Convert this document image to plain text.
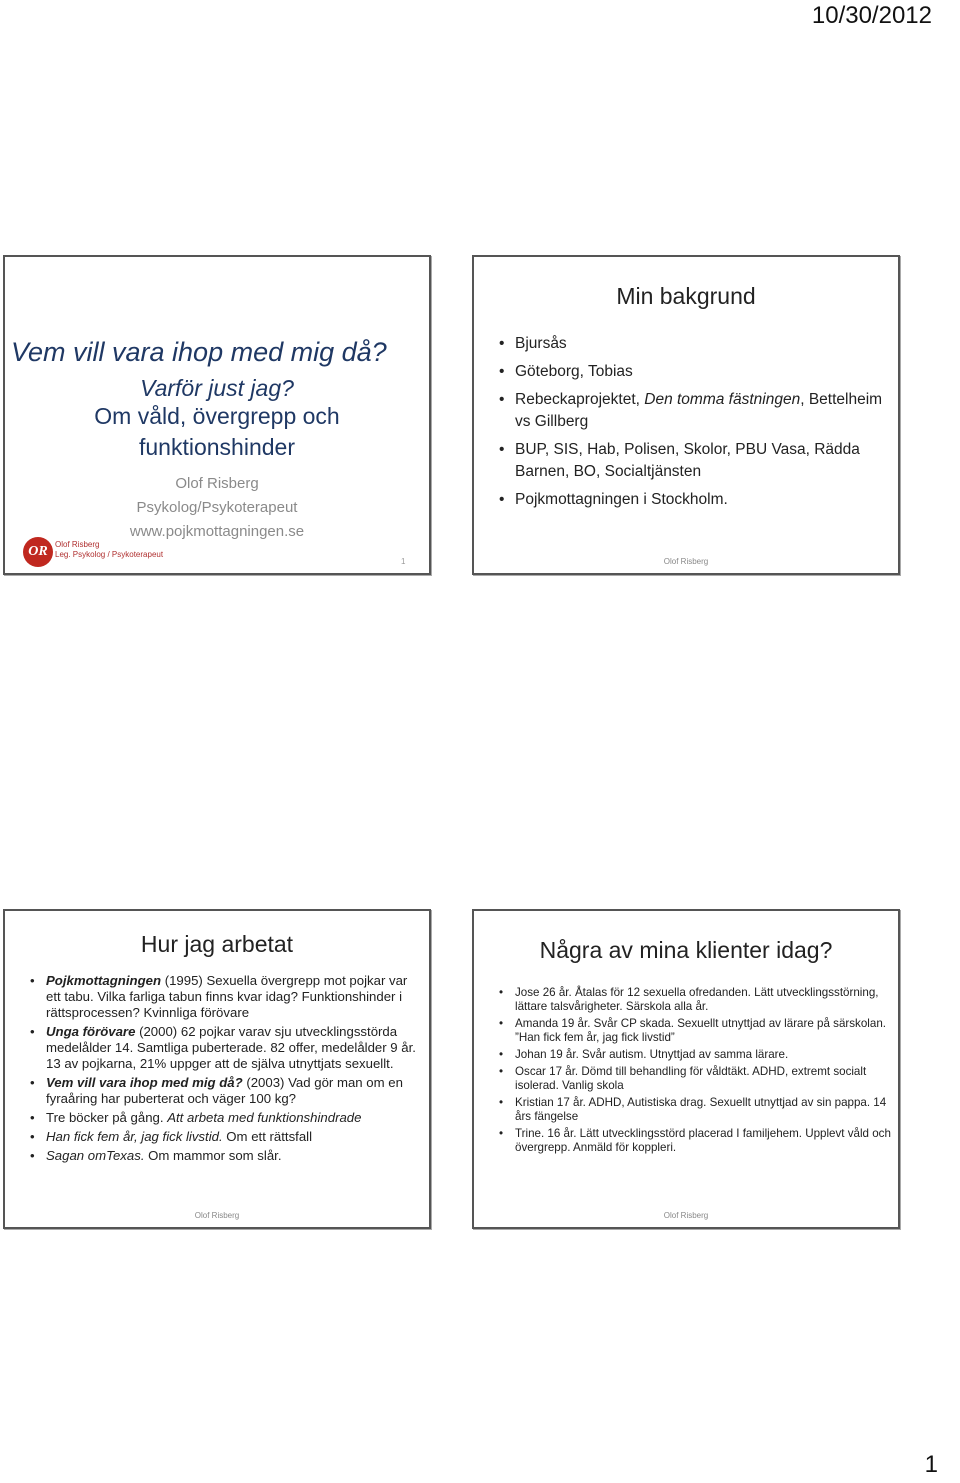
10/30/2012
Vem vill vara ihop med mig då?
Varför just jag?
Om våld, övergrepp och
funktionshinder
Olof Risberg
Psykolog/Psykoterapeut
www.pojkmottagningen.se
OR Olof Risberg
Leg. Psykolog / Psykoterapeut
1
Min bakgrund
• Bjursås
• Göteborg, Tobias
• Rebeckaprojektet, Den tomma fästningen, Bettelheim vs Gillberg
• BUP, SIS, Hab, Polisen, Skolor, PBU Vasa, Rädda Barnen, BO, Socialtjänsten
• Pojkmottagningen i Stockholm.
Olof Risberg
Hur jag arbetat
• Pojkmottagningen (1995) Sexuella övergrepp mot pojkar var ett tabu. Vilka farliga tabun finns kvar idag? Funktionshinder i rättsprocessen? Kvinnliga förövare
• Unga förövare (2000) 62 pojkar varav sju utvecklingsstörda medelålder 14. Samtliga puberterade. 82 offer, medelålder 9 år. 13 av pojkarna, 21% uppger att de själva utnyttjats sexuellt.
• Vem vill vara ihop med mig då? (2003) Vad gör man om en fyraåring har puberterat och väger 100 kg?
• Tre böcker på gång. Att arbeta med funktionshindrade
• Han fick fem år, jag fick livstid. Om ett rättsfall
• Sagan omTexas. Om mammor som slår.
Olof Risberg
Några av mina klienter idag?
• Jose 26 år. Åtalas för 12 sexuella ofredanden. Lätt utvecklingsstörning, lättare talsvårigheter. Särskola alla år.
• Amanda 19 år. Svår CP skada. Sexuellt utnyttjad av lärare på särskolan. ”Han fick fem år, jag fick livstid”
• Johan 19 år. Svår autism. Utnyttjad av samma lärare.
• Oscar 17 år. Dömd till behandling för våldtäkt. ADHD, extremt socialt isolerad. Vanlig skola
• Kristian 17 år. ADHD, Autistiska drag. Sexuellt utnyttjad av sin pappa. 14 års fängelse
• Trine. 16 år. Lätt utvecklingsstörd placerad I familjehem. Upplevt våld och övergrepp. Anmäld för koppleri.
Olof Risberg
1
